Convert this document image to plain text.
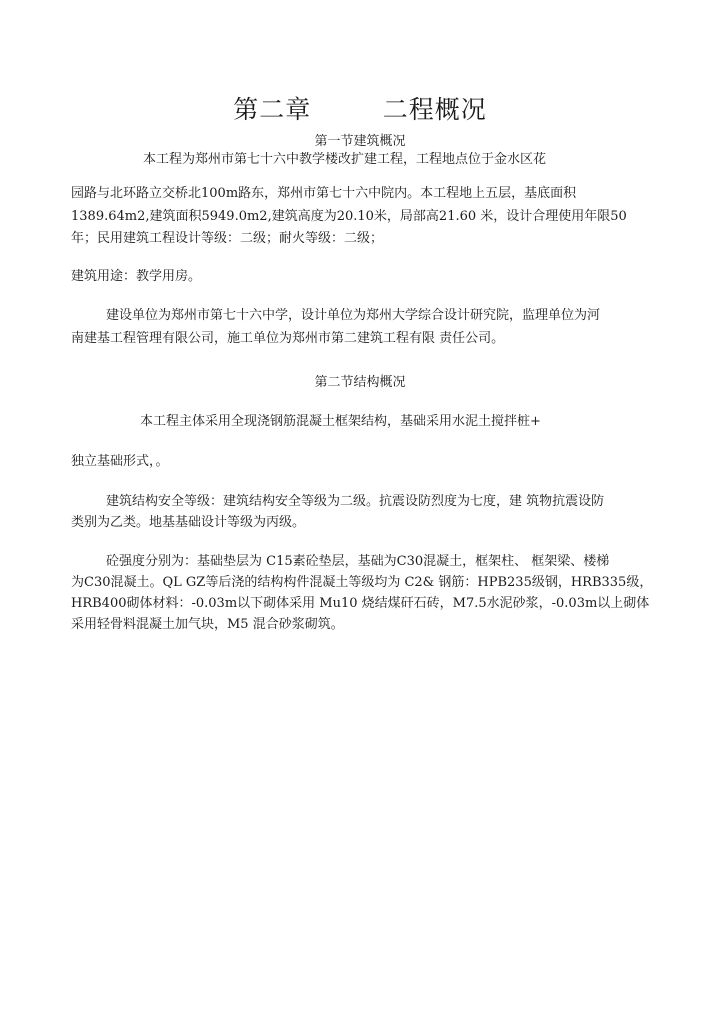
第二章        二程概况
第一节建筑概况
本工程为郑州市第七十六中教学楼改扩建工程，工程地点位于金水区花
园路与北环路立交桥北100m路东，郑州市第七十六中院内。本工程地上五层，基底面积
1389.64m2,建筑面积5949.0m2,建筑高度为20.10米，局部高21.60 米，设计合理使用年限50
年；民用建筑工程设计等级：二级；耐火等级：二级；
建筑用途：教学用房。
建设单位为郑州市第七十六中学，设计单位为郑州大学综合设计研究院，监理单位为河
南建基工程管理有限公司，施工单位为郑州市第二建筑工程有限 责任公司。
第二节结构概况
本工程主体采用全现浇钢筋混凝土框架结构，基础采用水泥土搅拌桩+
独立基础形式，。
建筑结构安全等级：建筑结构安全等级为二级。抗震设防烈度为七度，建 筑物抗震设防
类别为乙类。地基基础设计等级为丙级。
砼强度分别为：基础垫层为 C15素砼垫层，基础为C30混凝土，框架柱、 框架梁、楼梯
为C30混凝土。QL GZ等后浇的结构构件混凝土等级均为 C2& 钢筋：HPB235级钢，HRB335级，
HRB400砌体材料：-0.03m以下砌体采用 Mu10 烧结煤矸石砖，M7.5水泥砂浆，-0.03m以上砌体
采用轻骨料混凝土加气块，M5 混合砂浆砌筑。
